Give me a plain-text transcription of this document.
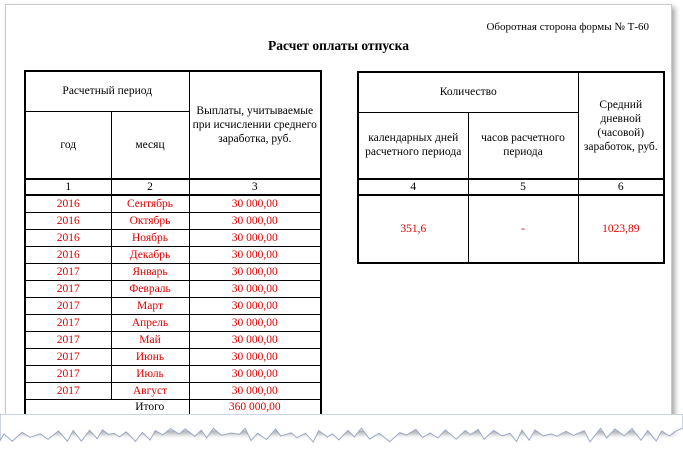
Оборотная сторона формы № Т-60
Расчет оплаты отпуска
Расчетный период		Выплаты, учитываемые при исчислении среднего заработка, руб.
год	месяц	
1	2	3
2016	Сентябрь	30 000,00
2016	Октябрь	30 000,00
2016	Ноябрь	30 000,00
2016	Декабрь	30 000,00
2017	Январь	30 000,00
2017	Февраль	30 000,00
2017	Март	30 000,00
2017	Апрель	30 000,00
2017	Май	30 000,00
2017	Июнь	30 000,00
2017	Июль	30 000,00
2017	Август	30 000,00
	Итого	360 000,00
Количество		Средний дневной (часовой) заработок, руб.
календарных дней расчетного периода	часов расчетного периода	
4	5	6
351,6	-	1023,89
